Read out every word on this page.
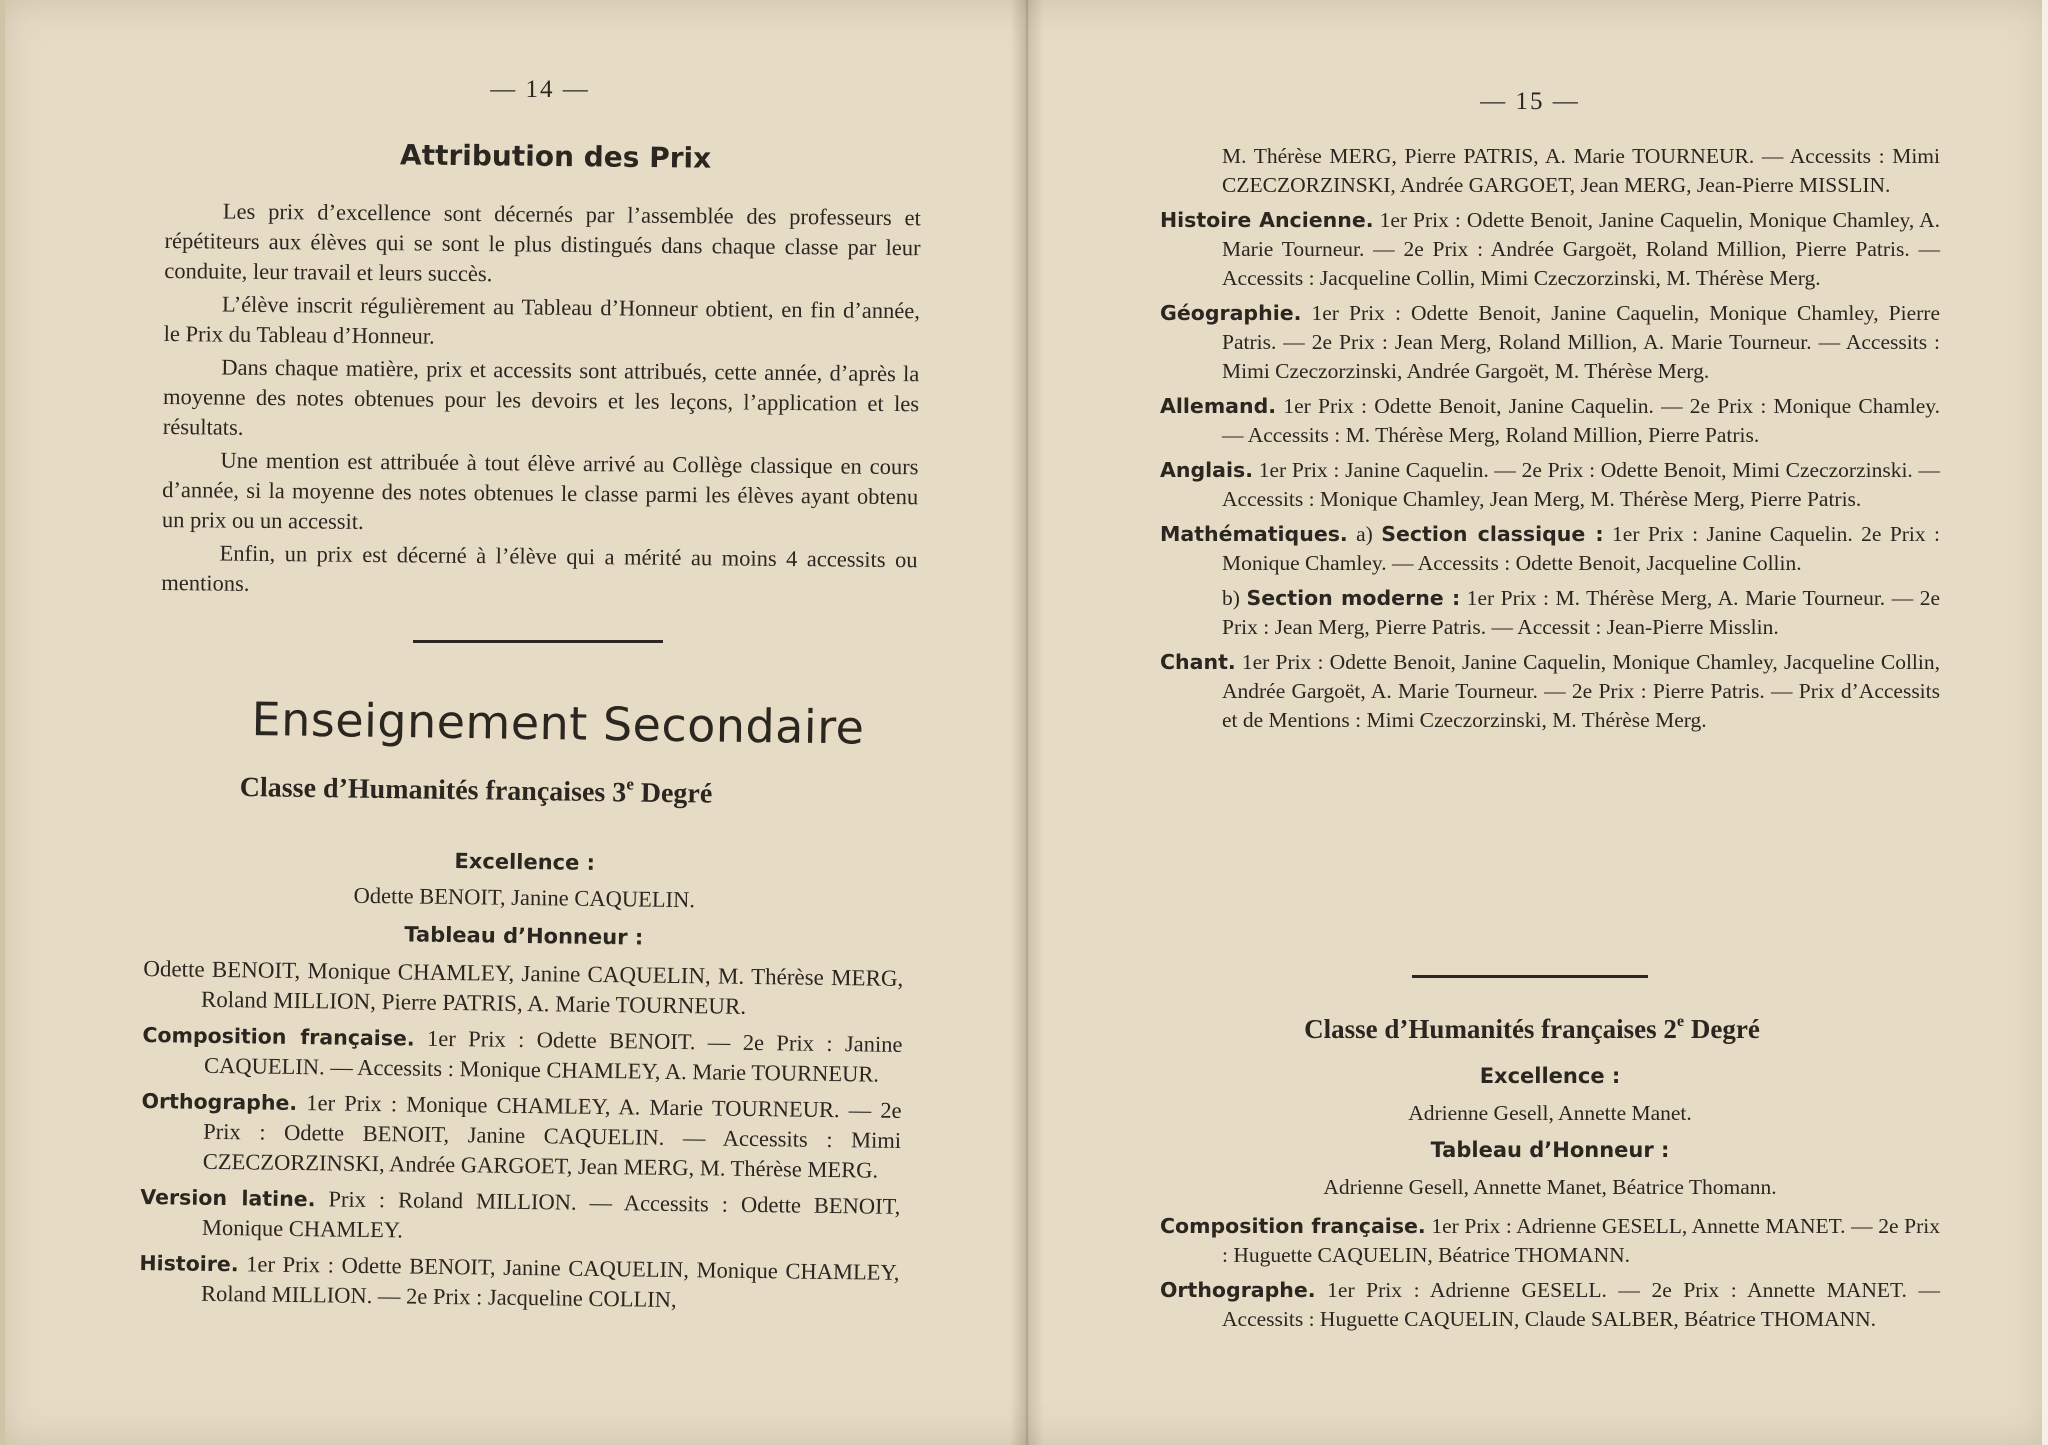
— 14 —
Attribution des Prix

Les prix d’excellence sont décernés par l’assemblée des professeurs et répétiteurs aux élèves qui se sont le plus distingués dans chaque classe par leur conduite, leur travail et leurs succès.

L’élève inscrit régulièrement au Tableau d’Honneur obtient, en fin d’année, le Prix du Tableau d’Honneur.

Dans chaque matière, prix et accessits sont attribués, cette année, d’après la moyenne des notes obtenues pour les devoirs et les leçons, l’application et les résultats.

Une mention est attribuée à tout élève arrivé au Collège classique en cours d’année, si la moyenne des notes obtenues le classe parmi les élèves ayant obtenu un prix ou un accessit.

Enfin, un prix est décerné à l’élève qui a mérité au moins 4 accessits ou mentions.

Enseignement Secondaire
Classe d’Humanités françaises 3e Degré
Excellence :
Odette BENOIT, Janine CAQUELIN.
Tableau d’Honneur :
Odette BENOIT, Monique CHAMLEY, Janine CAQUELIN, M. Thérèse MERG, Roland MILLION, Pierre PATRIS, A. Marie TOURNEUR.
Composition française. 1er Prix : Odette BENOIT. — 2e Prix : Janine CAQUELIN. — Accessits : Monique CHAMLEY, A. Marie TOURNEUR.
Orthographe. 1er Prix : Monique CHAMLEY, A. Marie TOURNEUR. — 2e Prix : Odette BENOIT, Janine CAQUELIN. — Accessits : Mimi CZECZORZINSKI, Andrée GARGOET, Jean MERG, M. Thérèse MERG.
Version latine. Prix : Roland MILLION. — Accessits : Odette BENOIT, Monique CHAMLEY.
Histoire. 1er Prix : Odette BENOIT, Janine CAQUELIN, Monique CHAMLEY, Roland MILLION. — 2e Prix : Jacqueline COLLIN,
— 15 —
M. Thérèse MERG, Pierre PATRIS, A. Marie TOURNEUR. — Accessits : Mimi CZECZORZINSKI, Andrée GARGOET, Jean MERG, Jean-Pierre MISSLIN.
Histoire Ancienne. 1er Prix : Odette Benoit, Janine Caquelin, Monique Chamley, A. Marie Tourneur. — 2e Prix : Andrée Gargoët, Roland Million, Pierre Patris. — Accessits : Jacqueline Collin, Mimi Czeczorzinski, M. Thérèse Merg.
Géographie. 1er Prix : Odette Benoit, Janine Caquelin, Monique Chamley, Pierre Patris. — 2e Prix : Jean Merg, Roland Million, A. Marie Tourneur. — Accessits : Mimi Czeczorzinski, Andrée Gargoët, M. Thérèse Merg.
Allemand. 1er Prix : Odette Benoit, Janine Caquelin. — 2e Prix : Monique Chamley. — Accessits : M. Thérèse Merg, Roland Million, Pierre Patris.
Anglais. 1er Prix : Janine Caquelin. — 2e Prix : Odette Benoit, Mimi Czeczorzinski. — Accessits : Monique Chamley, Jean Merg, M. Thérèse Merg, Pierre Patris.
Mathématiques. a) Section classique : 1er Prix : Janine Caquelin. 2e Prix : Monique Chamley. — Accessits : Odette Benoit, Jacqueline Collin.
b) Section moderne : 1er Prix : M. Thérèse Merg, A. Marie Tourneur. — 2e Prix : Jean Merg, Pierre Patris. — Accessit : Jean-Pierre Misslin.
Chant. 1er Prix : Odette Benoit, Janine Caquelin, Monique Chamley, Jacqueline Collin, Andrée Gargoët, A. Marie Tourneur. — 2e Prix : Pierre Patris. — Prix d’Accessits et de Mentions : Mimi Czeczorzinski, M. Thérèse Merg.
Classe d’Humanités françaises 2e Degré
Excellence :
Adrienne Gesell, Annette Manet.
Tableau d’Honneur :
Adrienne Gesell, Annette Manet, Béatrice Thomann.
Composition française. 1er Prix : Adrienne GESELL, Annette MANET. — 2e Prix : Huguette CAQUELIN, Béatrice THOMANN.
Orthographe. 1er Prix : Adrienne GESELL. — 2e Prix : Annette MANET. — Accessits : Huguette CAQUELIN, Claude SALBER, Béatrice THOMANN.
